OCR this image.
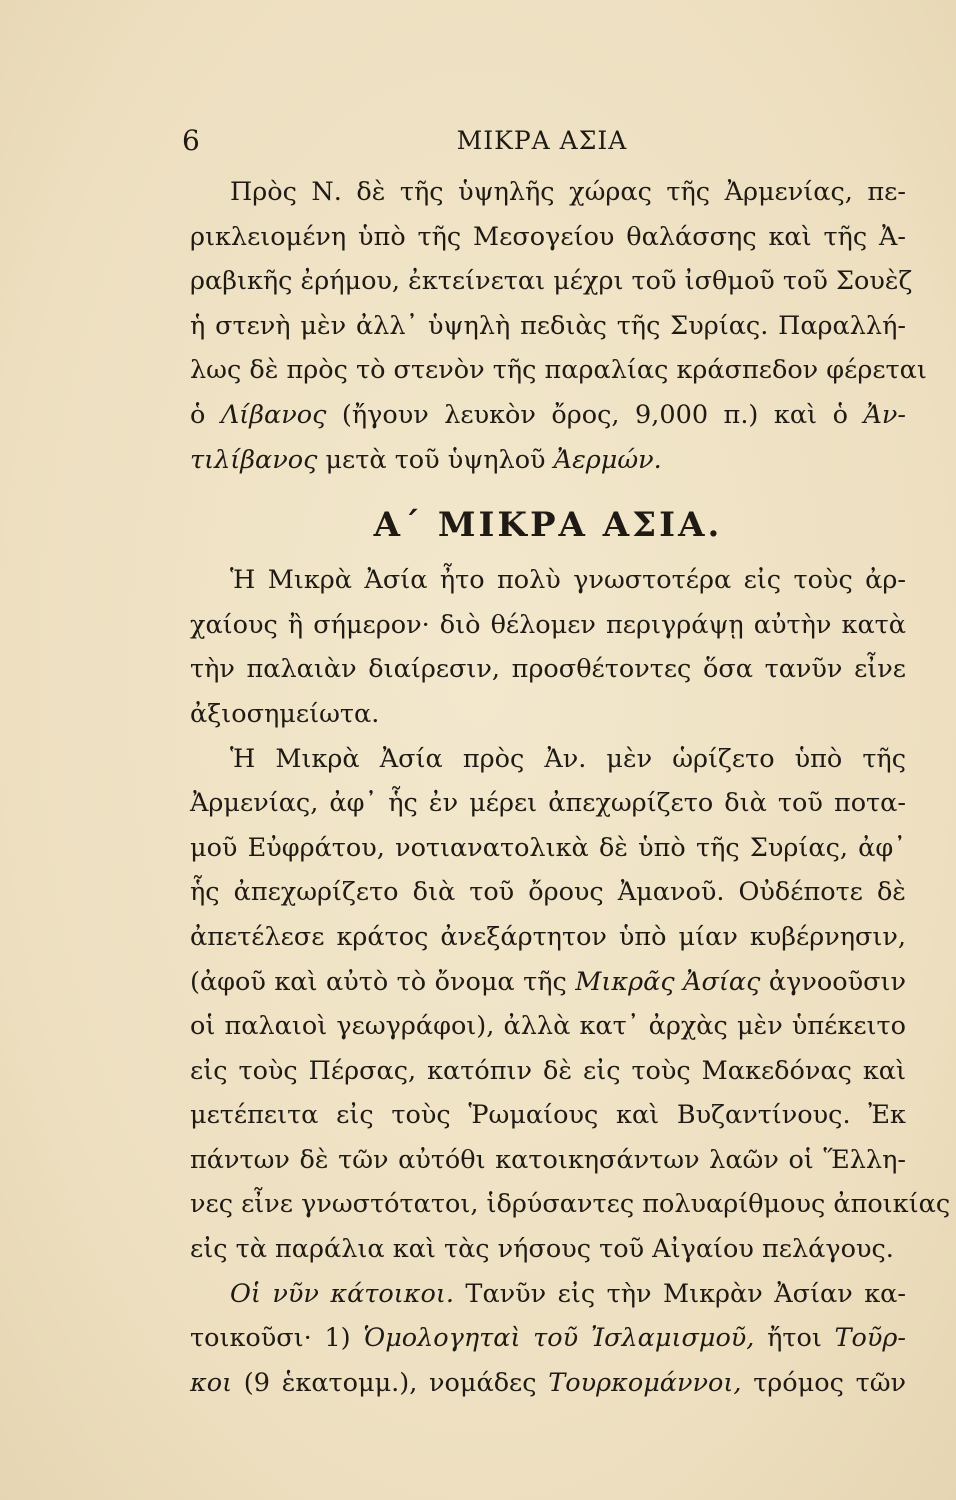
6	ΜΙΚΡΑ ΑΣΙΑ

Πρὸς Ν. δὲ τῆς ὑψηλῆς χώρας τῆς Ἀρμενίας, πε-
ρικλειομένη ὑπὸ τῆς Μεσογείου θαλάσσης καὶ τῆς Ἀ-
ραβικῆς ἐρήμου, ἐκτείνεται μέχρι τοῦ ἰσθμοῦ τοῦ Σουὲζ
ἡ στενὴ μὲν ἀλλ᾽ ὑψηλὴ πεδιὰς τῆς Συρίας. Παραλλή-
λως δὲ πρὸς τὸ στενὸν τῆς παραλίας κράσπεδον φέρεται
ὁ Λίβανος (ἤγουν λευκὸν ὄρος, 9,000 π.) καὶ ὁ Ἀν-
τιλίβανος μετὰ τοῦ ὑψηλοῦ Ἀερμών.

Α΄ ΜΙΚΡΑ ΑΣΙΑ.

Ἡ Μικρὰ Ἀσία ἦτο πολὺ γνωστοτέρα εἰς τοὺς ἀρ-
χαίους ἢ σήμερον· διὸ θέλομεν περιγράψῃ αὐτὴν κατὰ
τὴν παλαιὰν διαίρεσιν, προσθέτοντες ὅσα τανῦν εἶνε
ἀξιοσημείωτα.

Ἡ Μικρὰ Ἀσία πρὸς Ἀν. μὲν ὡρίζετο ὑπὸ τῆς
Ἀρμενίας, ἀφ᾽ ἧς ἐν μέρει ἀπεχωρίζετο διὰ τοῦ ποτα-
μοῦ Εὐφράτου, νοτιανατολικὰ δὲ ὑπὸ τῆς Συρίας, ἀφ᾽
ἧς ἀπεχωρίζετο διὰ τοῦ ὄρους Ἀμανοῦ. Οὐδέποτε δὲ
ἀπετέλεσε κράτος ἀνεξάρτητον ὑπὸ μίαν κυβέρνησιν,
(ἀφοῦ καὶ αὐτὸ τὸ ὄνομα τῆς Μικρᾶς Ἀσίας ἀγνοοῦσιν
οἱ παλαιοὶ γεωγράφοι), ἀλλὰ κατ᾽ ἀρχὰς μὲν ὑπέκειτο
εἰς τοὺς Πέρσας, κατόπιν δὲ εἰς τοὺς Μακεδόνας καὶ
μετέπειτα εἰς τοὺς Ῥωμαίους καὶ Βυζαντίνους. Ἐκ
πάντων δὲ τῶν αὐτόθι κατοικησάντων λαῶν οἱ Ἕλλη-
νες εἶνε γνωστότατοι, ἱδρύσαντες πολυαρίθμους ἀποικίας
εἰς τὰ παράλια καὶ τὰς νήσους τοῦ Αἰγαίου πελάγους.

Οἱ νῦν κάτοικοι. Τανῦν εἰς τὴν Μικρὰν Ἀσίαν κα-
τοικοῦσι· 1) Ὁμολογηταὶ τοῦ Ἰσλαμισμοῦ, ἤτοι Τοῦρ-
κοι (9 ἑκατομμ.), νομάδες Τουρκομάννοι, τρόμος τῶν
